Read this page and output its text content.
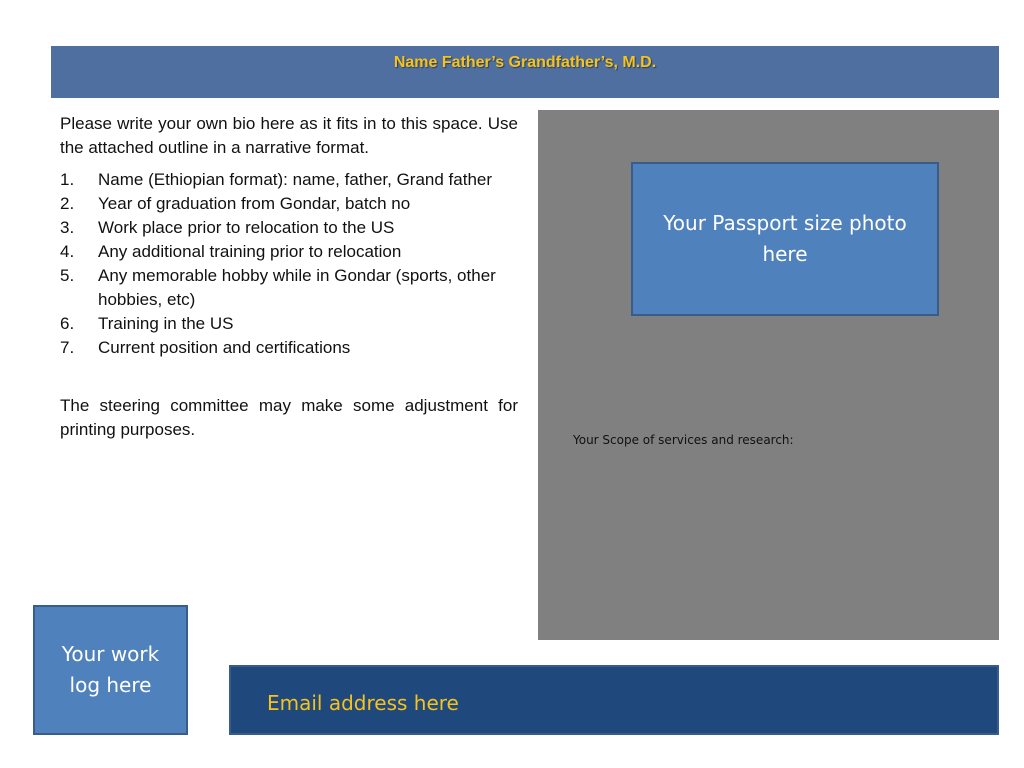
Name Father’s Grandfather’s, M.D.

Please write your own bio here as it fits in to this space. Use the attached outline in a narrative format.

1. Name (Ethiopian format): name, father, Grand father
2. Year of graduation from Gondar, batch no
3. Work place prior to relocation to the US
4. Any additional training prior to relocation
5. Any memorable hobby while in Gondar (sports, other hobbies, etc)
6. Training in the US
7. Current position and certifications

The steering committee may make some adjustment for printing purposes.

Your Passport size photo here
Your Scope of services and research:
Your work log here
Email address here
